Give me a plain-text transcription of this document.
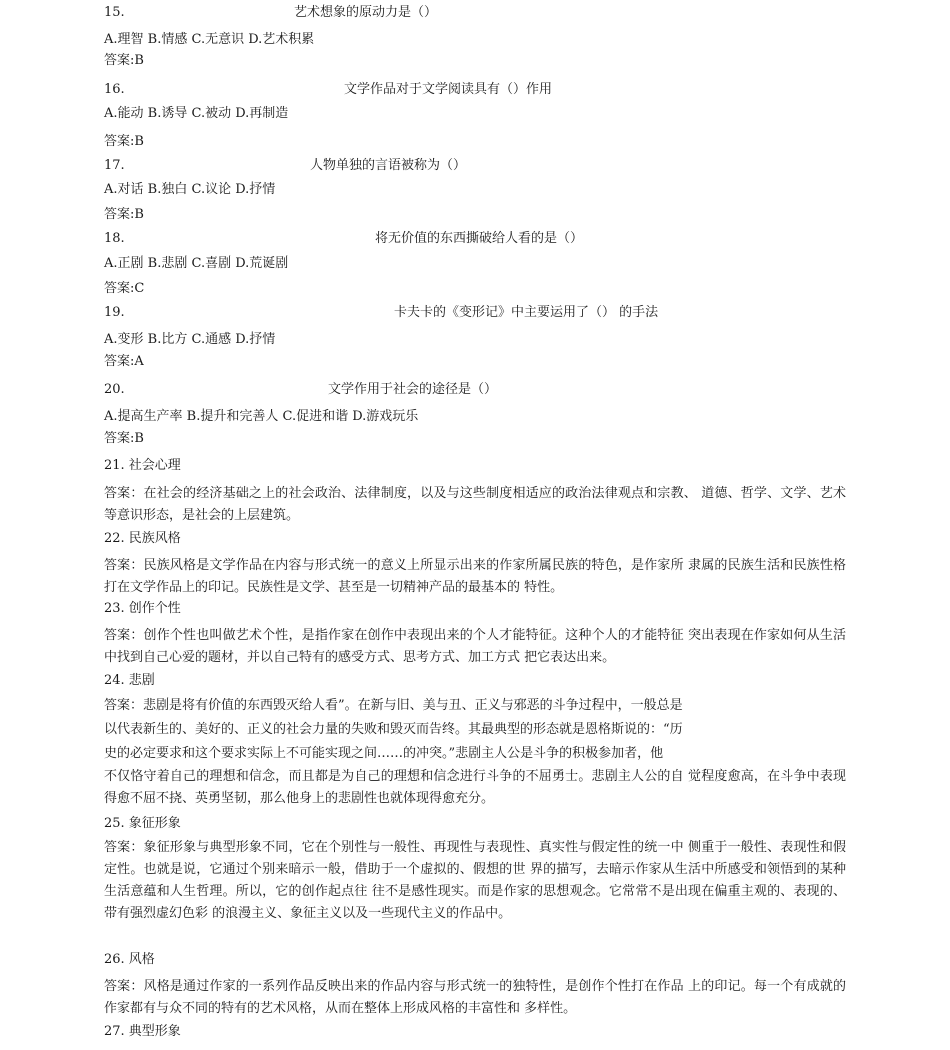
15.	艺术想象的原动力是（）
A.理智 B.情感 C.无意识 D.艺术积累
答案:B
16.	文学作品对于文学阅读具有（）作用
A.能动 B.诱导 C.被动 D.再制造
答案:B
17.	人物单独的言语被称为（）
A.对话 B.独白 C.议论 D.抒情
答案:B
18.	将无价值的东西撕破给人看的是（）
A.正剧 B.悲剧 C.喜剧 D.荒诞剧
答案:C
19.	卡夫卡的《变形记》中主要运用了（） 的手法
A.变形 B.比方 C.通感 D.抒情
答案:A
20.	文学作用于社会的途径是（）
A.提高生产率 B.提升和完善人 C.促进和谐 D.游戏玩乐
答案:B
21. 社会心理
答案：在社会的经济基础之上的社会政治、法律制度，以及与这些制度相适应的政治法律观点和宗教、 道德、哲学、文学、艺术等意识形态，是社会的上层建筑。
22. 民族风格
答案：民族风格是文学作品在内容与形式统一的意义上所显示出来的作家所属民族的特色，是作家所 隶属的民族生活和民族性格打在文学作品上的印记。民族性是文学、甚至是一切精神产品的最基本的 特性。
23. 创作个性
答案：创作个性也叫做艺术个性，是指作家在创作中表现出来的个人才能特征。这种个人的才能特征 突出表现在作家如何从生活中找到自己心爱的题材，并以自己特有的感受方式、思考方式、加工方式 把它表达出来。
24. 悲剧
答案：悲剧是将有价值的东西毁灭给人看”。在新与旧、美与丑、正义与邪恶的斗争过程中，一般总是
以代表新生的、美好的、正义的社会力量的失败和毁灭而告终。其最典型的形态就是恩格斯说的：“历
史的必定要求和这个要求实际上不可能实现之间……的冲突。”悲剧主人公是斗争的积极参加者，他
不仅恪守着自己的理想和信念，而且都是为自己的理想和信念进行斗争的不屈勇士。悲剧主人公的自 觉程度愈高，在斗争中表现得愈不屈不挠、英勇坚韧，那么他身上的悲剧性也就体现得愈充分。
25. 象征形象
答案：象征形象与典型形象不同，它在个别性与一般性、再现性与表现性、真实性与假定性的统一中 侧重于一般性、表现性和假定性。也就是说，它通过个别来暗示一般，借助于一个虚拟的、假想的世 界的描写，去暗示作家从生活中所感受和领悟到的某种生活意蕴和人生哲理。所以，它的创作起点往 往不是感性现实。而是作家的思想观念。它常常不是出现在偏重主观的、表现的、带有强烈虚幻色彩 的浪漫主义、象征主义以及一些现代主义的作品中。
26. 风格
答案：风格是通过作家的一系列作品反映出来的作品内容与形式统一的独特性，是创作个性打在作品 上的印记。每一个有成就的作家都有与众不同的特有的艺术风格，从而在整体上形成风格的丰富性和 多样性。
27. 典型形象
